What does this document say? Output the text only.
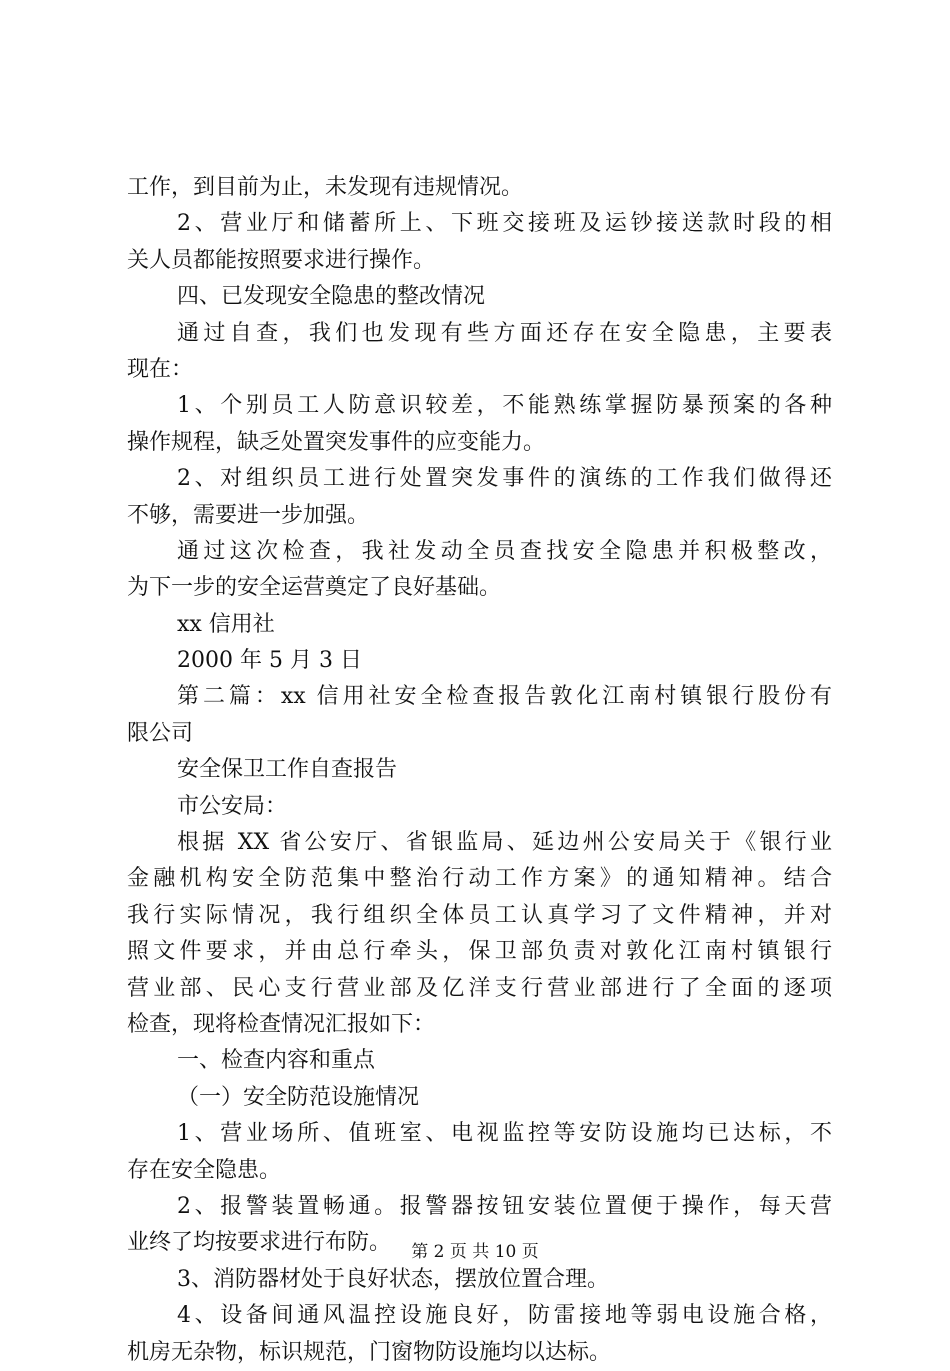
工作，到目前为止，未发现有违规情况。
2、营业厅和储蓄所上、下班交接班及运钞接送款时段的相
关人员都能按照要求进行操作。
四、已发现安全隐患的整改情况
通过自查，我们也发现有些方面还存在安全隐患，主要表
现在：
1、个别员工人防意识较差，不能熟练掌握防暴预案的各种
操作规程，缺乏处置突发事件的应变能力。
2、对组织员工进行处置突发事件的演练的工作我们做得还
不够，需要进一步加强。
通过这次检查，我社发动全员查找安全隐患并积极整改，
为下一步的安全运营奠定了良好基础。
xx 信用社
2000 年 5 月 3 日
第二篇：xx 信用社安全检查报告敦化江南村镇银行股份有
限公司
安全保卫工作自查报告
市公安局：
根据 XX 省公安厅、省银监局、延边州公安局关于《银行业
金融机构安全防范集中整治行动工作方案》的通知精神。结合
我行实际情况，我行组织全体员工认真学习了文件精神，并对
照文件要求，并由总行牵头，保卫部负责对敦化江南村镇银行
营业部、民心支行营业部及亿洋支行营业部进行了全面的逐项
检查，现将检查情况汇报如下：
一、检查内容和重点
（一）安全防范设施情况
1、营业场所、值班室、电视监控等安防设施均已达标，不
存在安全隐患。
2、报警装置畅通。报警器按钮安装位置便于操作，每天营
业终了均按要求进行布防。
3、消防器材处于良好状态，摆放位置合理。
4、设备间通风温控设施良好，防雷接地等弱电设施合格，
机房无杂物，标识规范，门窗物防设施均以达标。
第 2 页 共 10 页
